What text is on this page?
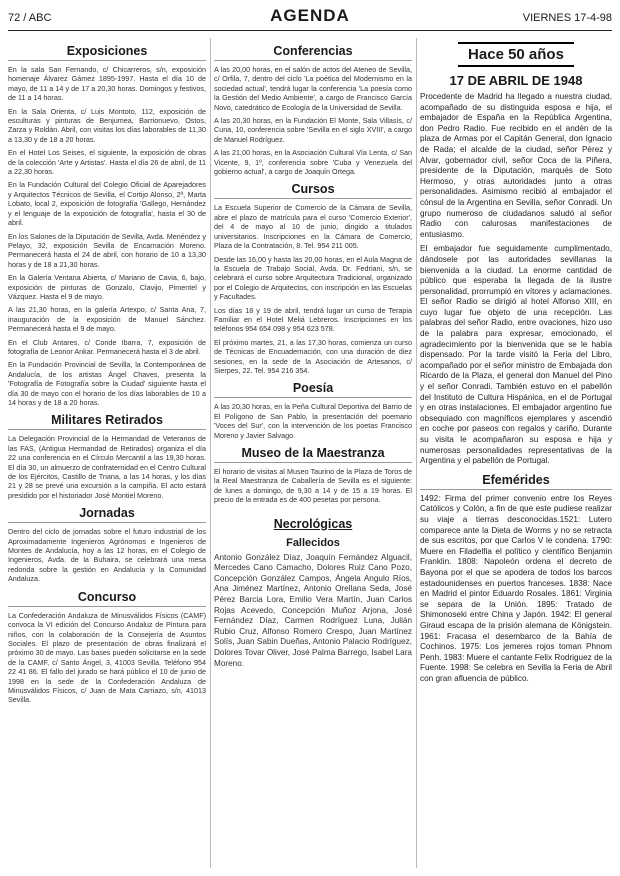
72 / ABC	AGENDA	VIERNES 17-4-98
Exposiciones

En la sala San Fernando, c/ Chicarreros, s/n, exposición homenaje Álvarez Gámez 1895-1997. Hasta el día 10 de mayo, de 11 a 14 y de 17 a 20,30 horas. Domingos y festivos, de 11 a 14 horas.

En la Sala Orienta, c/ Luis Montoto, 112, exposición de esculturas y pinturas de Benjumea, Barrionuevo, Ostos, Zarza y Roldán. Abril, con visitas los días laborables de 11,30 a 13,30 y de 18 a 20 horas.

En el Hotel Los Seises, el siguiente, la exposición de obras de la colección 'Arte y Artistas'. Hasta el día 26 de abril, de 11 a 22,30 horas.

En la Fundación Cultural del Colegio Oficial de Aparejadores y Arquitectos Técnicos de Sevilla, el Cortijo Alonso, 2ª, Marta Lobato, local 2, exposición de fotografía 'Gallego, Hernández y el lenguaje de la exposición de fotografía', hasta el 30 de abril.

En los Salones de la Diputación de Sevilla, Avda. Menéndez y Pelayo, 32, exposición Sevilla de Encarnación Moreno. Permanecerá hasta el 24 de abril, con horario de 10 a 13,30 horas y de 18 a 21,30 horas.

En la Galería Ventana Abierta, c/ Mariano de Cavia, 6, bajo, exposición de pinturas de Gonzalo, Clavijo, Pimentel y Vázquez. Hasta el 9 de mayo.

A las 21,30 horas, en la galería Artexpo, c/ Santa Ana, 7, inauguración de la exposición de Manuel Sánchez. Permanecerá hasta el 9 de mayo.

En el Club Antares, c/ Conde Ibarra, 7, exposición de fotografía de Leonor Ankar. Permanecerá hasta el 3 de abril.

En la Fundación Provincial de Sevilla, la Contemporánea de Andalucía, de los artistas Ángel Chaves, presenta la 'Fotografía de Fotografía sobre la Ciudad' siguiente hasta el día 30 de mayo con el horario de los días laborables de 10 a 14 horas y de 18 a 20 horas.

Militares Retirados

La Delegación Provincial de la Hermandad de Veteranos de las FAS, (Antigua Hermandad de Retirados) organiza el día 22 una conferencia en el Círculo Mercantil a las 19,30 horas. El día 30, un almuerzo de confraternidad en el Centro Cultural de los Ejércitos, Castillo de Triana, a las 14 horas, y los días 21 y 28 se prevé una excursión a la campiña. El acto estará presidido por el historiador José Montiel Moreno.

Jornadas

Dentro del ciclo de jornadas sobre el futuro industrial de los Aproximadamente Ingenieros Agrónomos e Ingenieros de Montes de Andalucía, hoy a las 12 horas, en el Colegio de Ingenieros, Avda. de la Buhaira, se celebrará una mesa redonda sobre la gestión en Andalucía y la Comunidad Andaluza.

Concurso

La Confederación Andaluza de Minusválidos Físicos (CAMF) convoca la VI edición del Concurso Andaluz de Pintura para niños, con la colaboración de la Consejería de Asuntos Sociales. El plazo de presentación de obras finalizará el próximo 30 de mayo. Las bases pueden solicitarse en la sede de la CAMF, c/ Santo Ángel, 3, 41003 Sevilla. Teléfono 954 22 41 86. El fallo del jurado se hará público el 10 de junio de 1998 en la sede de la Confederación Andaluza de Minusválidos Físicos, c/ Juan de Mata Carriazo, s/n, 41013 Sevilla.

Conferencias

A las 20,00 horas, en el salón de actos del Ateneo de Sevilla, c/ Orfila, 7, dentro del ciclo 'La poética del Modernismo en la sociedad actual', tendrá lugar la conferencia 'La poesía como la Gestión del Medio Ambiente', a cargo de Francisco García Novo, catedrático de Ecología de la Universidad de Sevilla.

A las 20,30 horas, en la Fundación El Monte, Sala Villasís, c/ Cuna, 10, conferencia sobre 'Sevilla en el siglo XVIII', a cargo de Manuel Rodríguez.

A las 21,00 horas, en la Asociación Cultural Vía Lenta, c/ San Vicente, 9, 1º, conferencia sobre 'Cuba y Venezuela del gobierno actual', a cargo de Joaquín Ortega.

Cursos

La Escuela Superior de Comercio de la Cámara de Sevilla, abre el plazo de matrícula para el curso 'Comercio Exterior', del 4 de mayo al 10 de junio, dirigido a titulados universitarios. Inscripciones en la Cámara de Comercio, Plaza de la Contratación, 8. Tel. 954 211 005.

Desde las 16,00 y hasta las 20,00 horas, en el Aula Magna de la Escuela de Trabajo Social, Avda. Dr. Fedriani, s/n, se celebrará el curso sobre Arquitectura Tradicional, organizado por el Colegio de Arquitectos, con inscripción en las Escuelas y Facultades.

Los días 18 y 19 de abril, tendrá lugar un curso de Terapia Familiar en el Hotel Meliá Lebreros. Inscripciones en los teléfonos 954 654 098 y 954 623 578.

El próximo martes, 21, a las 17,30 horas, comienza un curso de Técnicas de Encuadernación, con una duración de diez sesiones, en la sede de la Asociación de Artesanos, c/ Sierpes, 22. Tel. 954 216 354.

Poesía

A las 20,30 horas, en la Peña Cultural Deportiva del Barrio de El Polígono de San Pablo, la presentación del poemario 'Voces del Sur', con la intervención de los poetas Francisco Moreno y Javier Salvago.

Museo de la Maestranza

El horario de visitas al Museo Taurino de la Plaza de Toros de la Real Maestranza de Caballería de Sevilla es el siguiente: de lunes a domingo, de 9,30 a 14 y de 15 a 19 horas. El precio de la entrada es de 400 pesetas por persona.

Necrológicas
Fallecidos

Antonio González Díaz, Joaquín Fernández Alguacil, Mercedes Cano Camacho, Dolores Ruiz Cano Pozo, Concepción González Campos, Ángela Angulo Ríos, Ana Jiménez Martínez, Antonio Orellana Seda, José Pérez Barcia Lora, Emilio Vera Martín, Juan Carlos Rojas Acevedo, Concepción Muñoz Arjona, José Fernández Díaz, Carmen Rodríguez Luna, Julián Rubio Cruz, Alfonso Romero Crespo, Juan Martínez Solís, Juan Sabin Dueñas, Antonio Palacio Rodríguez, Dolores Tovar Oliver, José Palma Barrego, Isabel Lara Moreno.

Hace 50 años
17 DE ABRIL DE 1948

Procedente de Madrid ha llegado a nuestra ciudad, acompañado de su distinguida esposa e hija, el embajador de España en la República Argentina, don Pedro Radio. Fue recibido en el andén de la plaza de Armas por el Capitán General, don Ignacio de Rada; el alcalde de la ciudad, señor Pérez y Alvar, gobernador civil, señor Coca de la Piñera, presidente de la Diputación, marqués de Soto Hermoso, y otras autoridades junto a otras personalidades. Asimismo recibió al embajador el cónsul de la Argentina en Sevilla, señor Conradi. Un grupo numeroso de ciudadanos saludó al señor Radio con calurosas manifestaciones de entusiasmo.

El embajador fue seguidamente cumplimentado, dándosele por las autoridades sevillanas la bienvenida a la ciudad. La enorme cantidad de público que esperaba la llegada de la ilustre personalidad, prorrumpió en vítores y aclamaciones. El señor Radio se dirigió al hotel Alfonso XIII, en cuyo lugar fue objeto de una recepción. Las palabras del señor Radio, entre ovaciones, hizo uso de la palabra para expresar, emocionado, el agradecimiento por la bienvenida que se le había dispensado. Por la tarde visitó la Feria del Libro, acompañado por el señor ministro de Embajada don Ricardo de la Plaza, el general don Manuel del Pino y el señor Conradi. También estuvo en el pabellón del Instituto de Cultura Hispánica, en el de Portugal y en otras instalaciones. El embajador argentino fue obsequiado con magníficos ejemplares y ascendió en coche por paseos con regalos y cariño. Durante su visita le acompañaron su esposa e hija y numerosas personalidades representativas de la Argentina y el pabellón de Portugal.

Efemérides

1492: Firma del primer convenio entre los Reyes Católicos y Colón, a fin de que este pudiese realizar su viaje a tierras desconocidas.1521: Lutero comparece ante la Dieta de Worms y no se retracta de sus escritos, por que Carlos V le condena. 1790: Muere en Filadelfia el político y científico Benjamin Franklin. 1808: Napoleón ordena el decreto de Bayona por el que se apodera de todos los barcos estadounidenses en puertos franceses. 1838: Nace en Madrid el pintor Eduardo Rosales. 1861: Virginia se separa de la Unión. 1895: Tratado de Shimonoseki entre China y Japón. 1942: El general Giraud escapa de la prisión alemana de Königstein. 1961: Fracasa el desembarco de la Bahía de Cochinos. 1975: Los jemeres rojos toman Phnom Penh. 1983: Muere el cantante Felix Rodriguez de la Fuente. 1998: Se celebra en Sevilla la Feria de Abril con gran afluencia de público.
